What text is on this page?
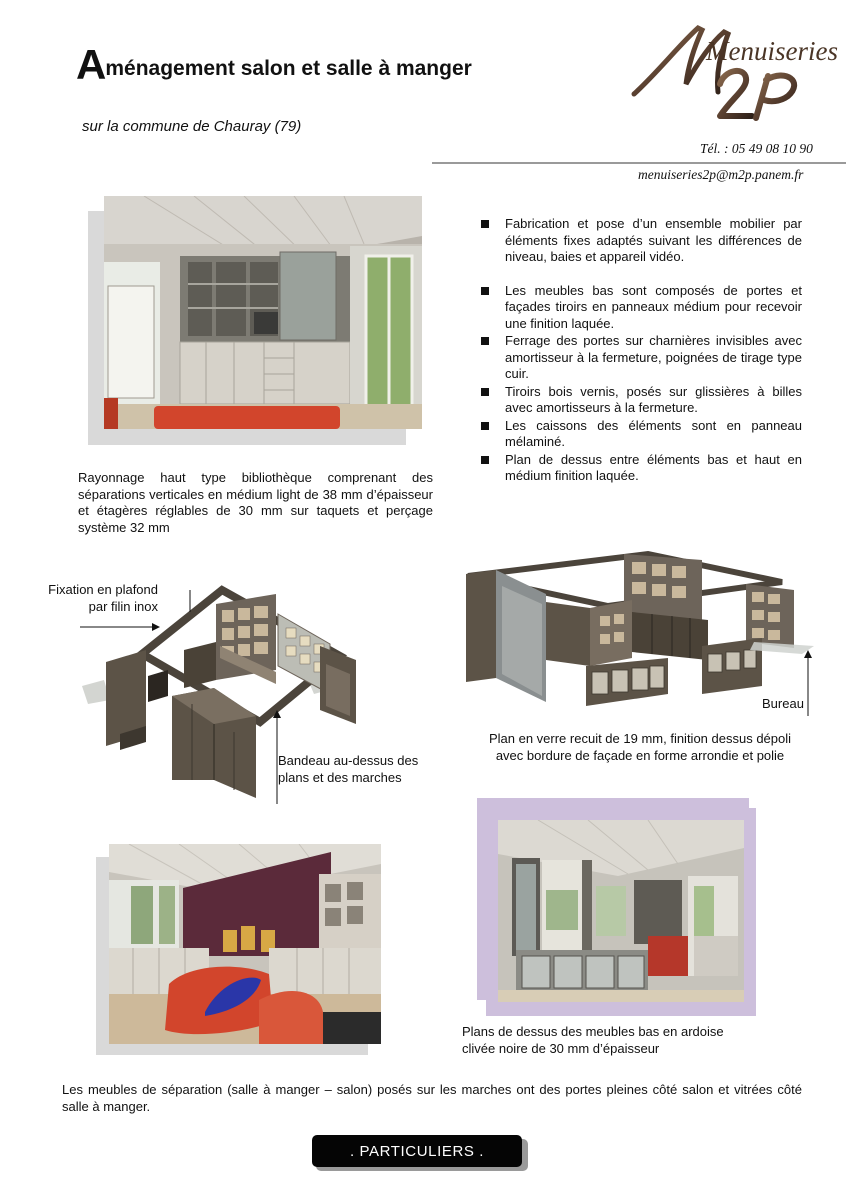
Aménagement salon et salle à manger
sur la commune de Chauray (79)
Menuiseries
Tél. : 05 49 08 10 90
menuiseries2p@m2p.panem.fr
Fabrication et pose d’un ensemble mobilier par éléments fixes adaptés suivant les différences de niveau, baies et appareil vidéo.
Les meubles bas sont composés de portes et façades tiroirs en panneaux médium pour recevoir une finition laquée.
Ferrage des portes sur charnières invisibles avec amortisseur à la fermeture, poignées de tirage type cuir.
Tiroirs bois vernis, posés sur glissières à billes avec amortisseurs à la fermeture.
Les caissons des éléments sont en panneau mélaminé.
Plan de dessus entre éléments bas et haut en médium finition laquée.
Rayonnage haut type bibliothèque comprenant des séparations verticales en médium light de 38 mm d’épaisseur et étagères réglables de 30 mm sur taquets et perçage système 32 mm
Fixation en plafond
par filin inox
Bandeau au-dessus des
plans et des marches
Bureau
Plan en verre recuit de 19 mm, finition dessus dépoli
avec bordure de façade en forme arrondie et polie
Plans de dessus des meubles bas en ardoise
clivée noire de 30 mm d’épaisseur
Les meubles de séparation (salle à manger – salon) posés sur les marches ont des portes pleines côté salon et vitrées côté salle à manger.
. PARTICULIERS .
